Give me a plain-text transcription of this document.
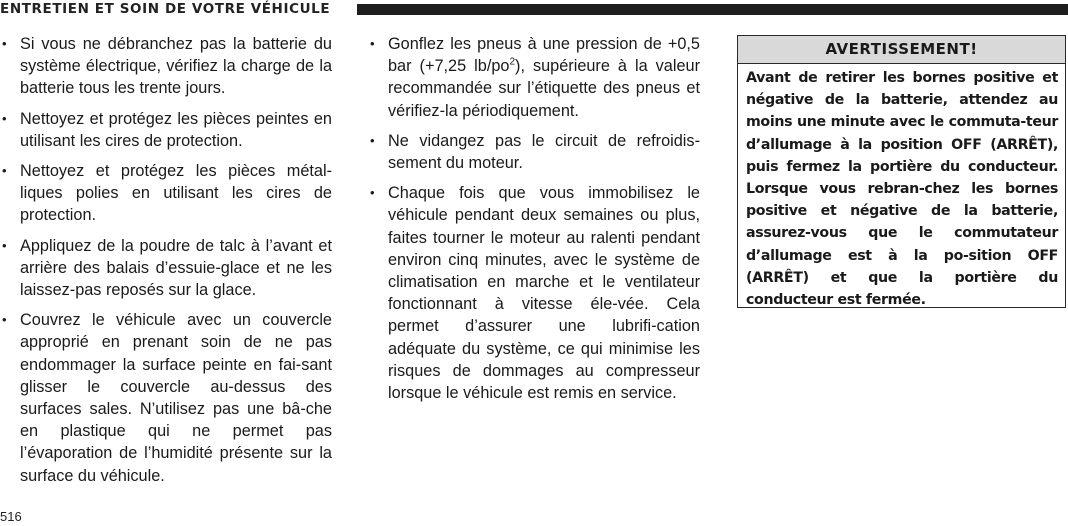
ENTRETIEN ET SOIN DE VOTRE VÉHICULE
• Si vous ne débranchez pas la batterie du système électrique, vérifiez la charge de la batterie tous les trente jours.
• Nettoyez et protégez les pièces peintes en utilisant les cires de protection.
• Nettoyez et protégez les pièces métal-liques polies en utilisant les cires de protection.
• Appliquez de la poudre de talc à l’avant et arrière des balais d’essuie-glace et ne les laissez-pas reposés sur la glace.
• Couvrez le véhicule avec un couvercle approprié en prenant soin de ne pas endommager la surface peinte en fai-sant glisser le couvercle au-dessus des surfaces sales. N’utilisez pas une bâ-che en plastique qui ne permet pas l’évaporation de l’humidité présente sur la surface du véhicule.
• Gonflez les pneus à une pression de +0,5 bar (+7,25 $lb/po^2$), supérieure à la valeur recommandée sur l’étiquette des pneus et vérifiez-la périodiquement.
• Ne vidangez pas le circuit de refroidis-sement du moteur.
• Chaque fois que vous immobilisez le véhicule pendant deux semaines ou plus, faites tourner le moteur au ralenti pendant environ cinq minutes, avec le système de climatisation en marche et le ventilateur fonctionnant à vitesse éle-vée. Cela permet d’assurer une lubrifi-cation adéquate du système, ce qui minimise les risques de dommages au compresseur lorsque le véhicule est remis en service.
AVERTISSEMENT!
Avant de retirer les bornes positive et négative de la batterie, attendez au moins une minute avec le commuta-teur d’allumage à la position OFF (ARRÊT), puis fermez la portière du conducteur. Lorsque vous rebran-chez les bornes positive et négative de la batterie, assurez-vous que le commutateur d’allumage est à la po-sition OFF (ARRÊT) et que la portière du conducteur est fermée.
516
